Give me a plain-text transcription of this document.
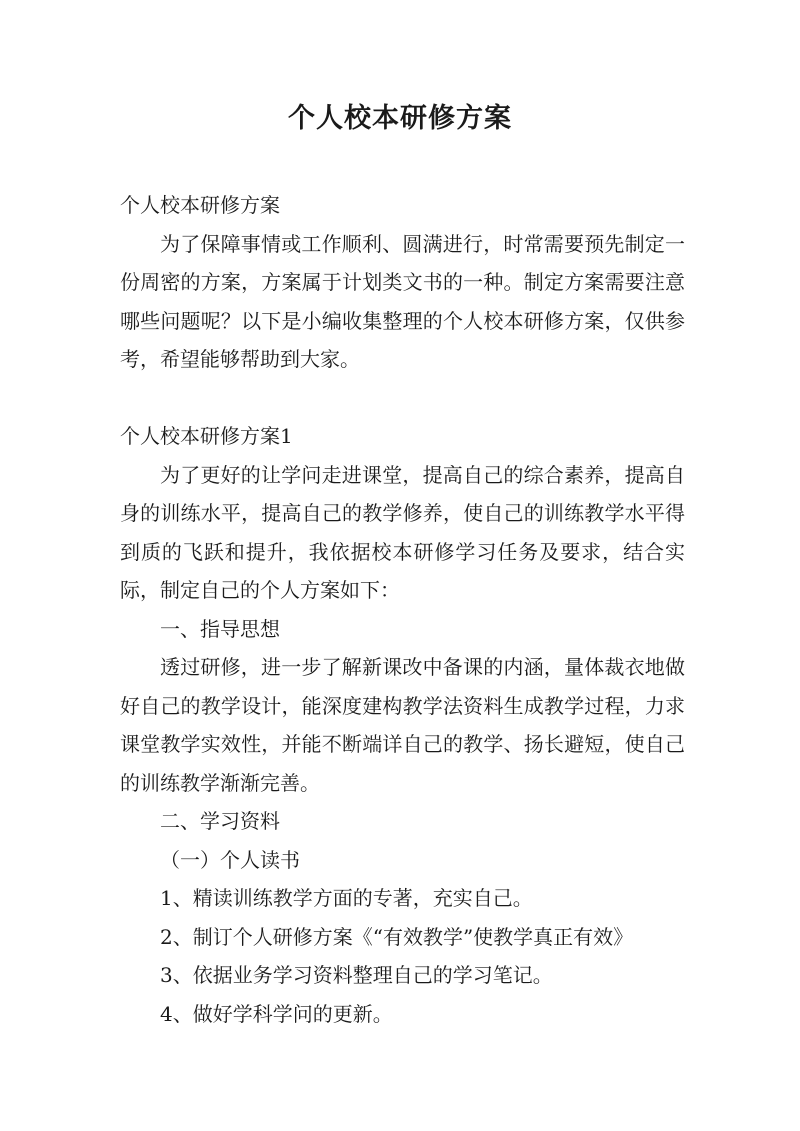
个人校本研修方案

个人校本研修方案

为了保障事情或工作顺利、圆满进行，时常需要预先制定一份周密的方案，方案属于计划类文书的一种。制定方案需要注意哪些问题呢？以下是小编收集整理的个人校本研修方案，仅供参考，希望能够帮助到大家。

个人校本研修方案1

为了更好的让学问走进课堂，提高自己的综合素养，提高自身的训练水平，提高自己的教学修养，使自己的训练教学水平得到质的飞跃和提升，我依据校本研修学习任务及要求，结合实际，制定自己的个人方案如下：

一、指导思想

透过研修，进一步了解新课改中备课的内涵，量体裁衣地做好自己的教学设计，能深度建构教学法资料生成教学过程，力求课堂教学实效性，并能不断端详自己的教学、扬长避短，使自己的训练教学渐渐完善。

二、学习资料

（一）个人读书

1、精读训练教学方面的专著，充实自己。

2、制订个人研修方案《“有效教学”使教学真正有效》

3、依据业务学习资料整理自己的学习笔记。

4、做好学科学问的更新。
